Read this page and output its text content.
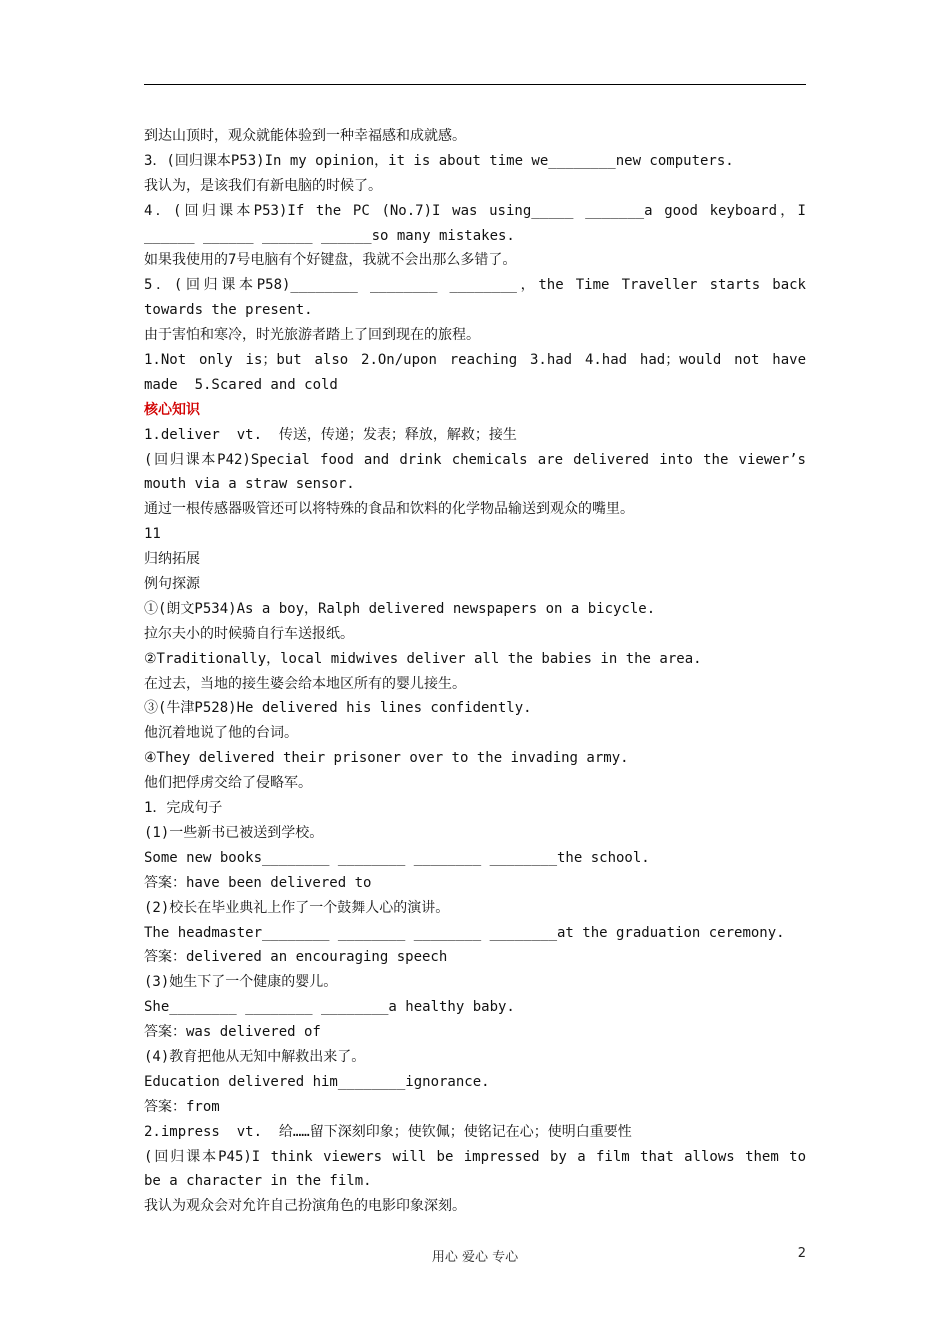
到达山顶时，观众就能体验到一种幸福感和成就感。
3．(回归课本P53)In my opinion，it is about time we________new computers.
我认为，是该我们有新电脑的时候了。
4．(回归课本P53)If the PC (No.7)I was using_____ _______a good keyboard，I
______ ______ ______ ______so many mistakes.
如果我使用的7号电脑有个好键盘，我就不会出那么多错了。
5．(回归课本P58)________ ________ ________，the Time Traveller starts back
towards the present.
由于害怕和寒冷，时光旅游者踏上了回到现在的旅程。
1.Not only is；but also 2.On/upon reaching 3.had 4.had had；would not have
made  5.Scared and cold
核心知识
1.deliver  vt.  传送，传递；发表；释放，解救；接生
(回归课本P42)Special food and drink chemicals are delivered into the viewer’s
mouth via a straw sensor.
通过一根传感器吸管还可以将特殊的食品和饮料的化学物品输送到观众的嘴里。
11
归纳拓展
例句探源
①(朗文P534)As a boy，Ralph delivered newspapers on a bicycle.
拉尔夫小的时候骑自行车送报纸。
②Traditionally，local midwives deliver all the babies in the area.
在过去，当地的接生婆会给本地区所有的婴儿接生。
③(牛津P528)He delivered his lines confidently.
他沉着地说了他的台词。
④They delivered their prisoner over to the invading army.
他们把俘虏交给了侵略军。
1．完成句子
(1)一些新书已被送到学校。
Some new books________ ________ ________ ________the school.
答案：have been delivered to
(2)校长在毕业典礼上作了一个鼓舞人心的演讲。
The headmaster________ ________ ________ ________at the graduation ceremony.
答案：delivered an encouraging speech
(3)她生下了一个健康的婴儿。
She________ ________ ________a healthy baby.
答案：was delivered of
(4)教育把他从无知中解救出来了。
Education delivered him________ignorance.
答案：from
2.impress  vt.  给……留下深刻印象；使钦佩；使铭记在心；使明白重要性
(回归课本P45)I think viewers will be impressed by a film that allows them to
be a character in the film.
我认为观众会对允许自己扮演角色的电影印象深刻。
用心 爱心 专心	2
